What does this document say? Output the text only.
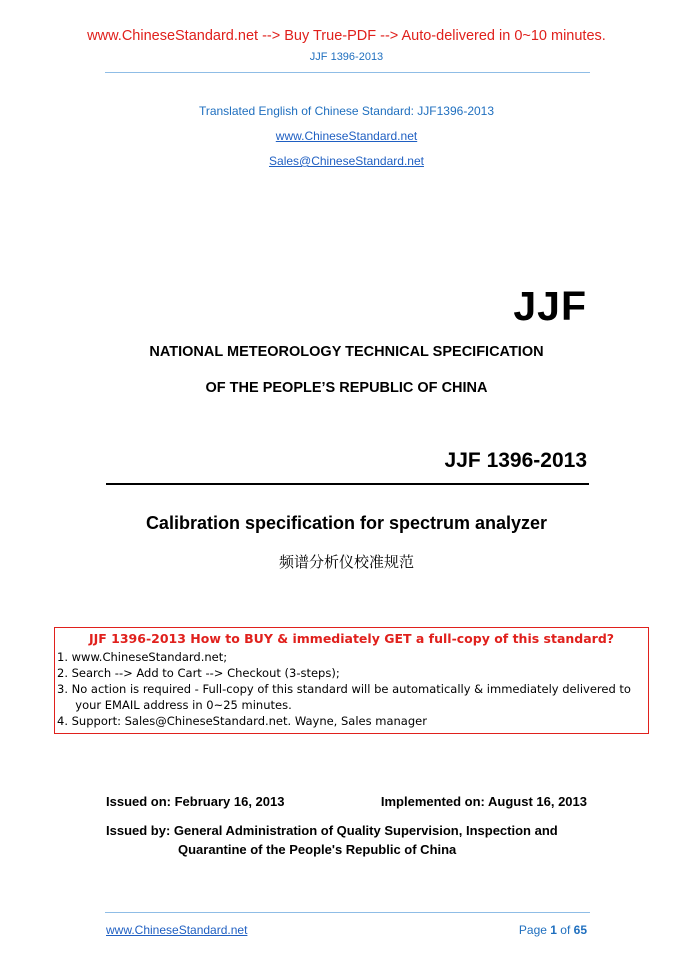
www.ChineseStandard.net --> Buy True-PDF --> Auto-delivered in 0~10 minutes.
JJF 1396-2013
Translated English of Chinese Standard: JJF1396-2013
www.ChineseStandard.net
Sales@ChineseStandard.net
JJF
NATIONAL METEOROLOGY TECHNICAL SPECIFICATION
OF THE PEOPLE’S REPUBLIC OF CHINA
JJF 1396-2013
Calibration specification for spectrum analyzer
频谱分析仪校准规范
JJF 1396-2013 How to BUY & immediately GET a full-copy of this standard?
1. www.ChineseStandard.net;
2. Search --> Add to Cart --> Checkout (3-steps);
3. No action is required - Full-copy of this standard will be automatically & immediately delivered to
your EMAIL address in 0~25 minutes.
4. Support: Sales@ChineseStandard.net. Wayne, Sales manager
Issued on: February 16, 2013	Implemented on: August 16, 2013
Issued by: General Administration of Quality Supervision, Inspection and
Quarantine of the People's Republic of China
www.ChineseStandard.net	Page 1 of 65
